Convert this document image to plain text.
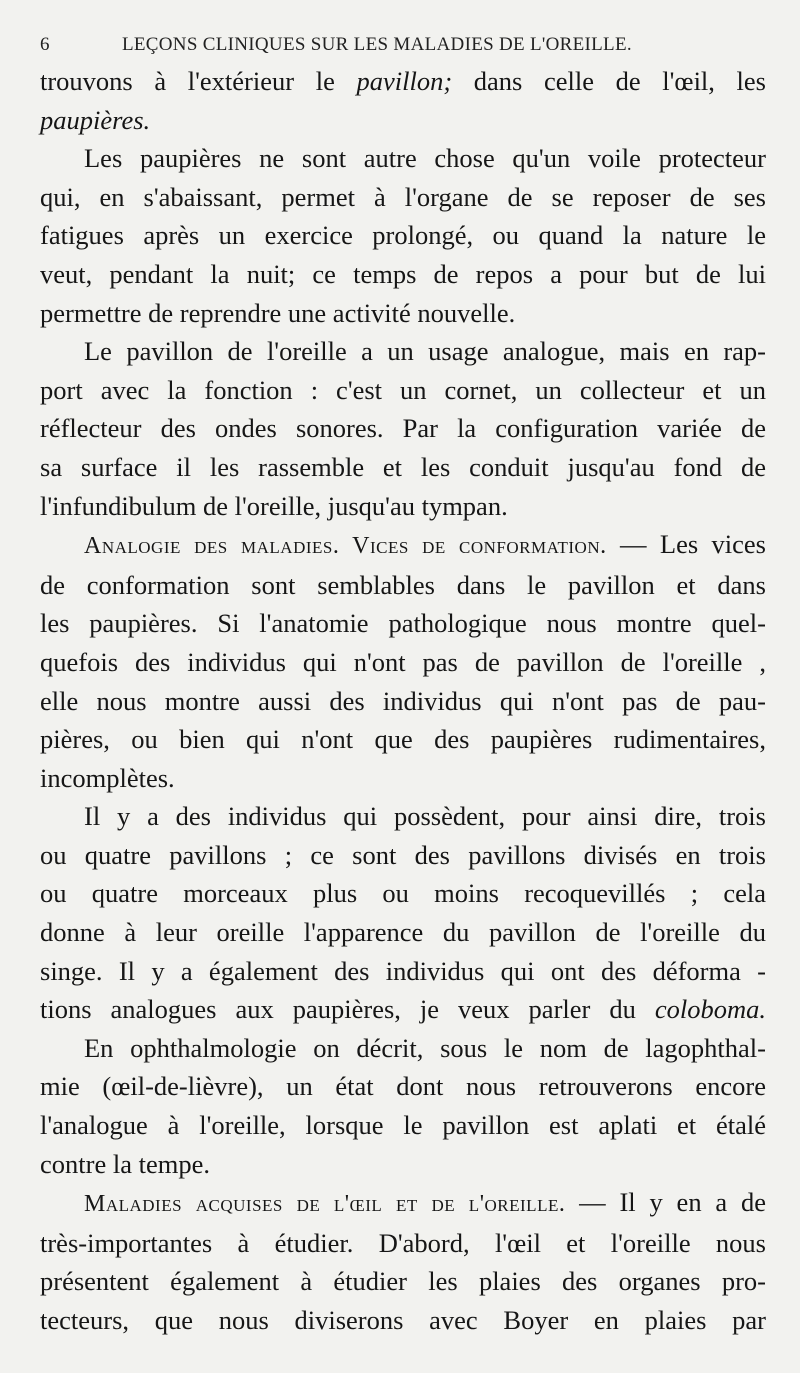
6	LEÇONS CLINIQUES SUR LES MALADIES DE L'OREILLE.
trouvons à l'extérieur le pavillon; dans celle de l'œil, les
paupières.
Les paupières ne sont autre chose qu'un voile protecteur
qui, en s'abaissant, permet à l'organe de se reposer de ses
fatigues après un exercice prolongé, ou quand la nature le
veut, pendant la nuit; ce temps de repos a pour but de lui
permettre de reprendre une activité nouvelle.
Le pavillon de l'oreille a un usage analogue, mais en rap-
port avec la fonction : c'est un cornet, un collecteur et un
réflecteur des ondes sonores. Par la configuration variée de
sa surface il les rassemble et les conduit jusqu'au fond de
l'infundibulum de l'oreille, jusqu'au tympan.
Analogie des maladies. Vices de conformation. — Les vices
de conformation sont semblables dans le pavillon et dans
les paupières. Si l'anatomie pathologique nous montre quel-
quefois des individus qui n'ont pas de pavillon de l'oreille ,
elle nous montre aussi des individus qui n'ont pas de pau-
pières, ou bien qui n'ont que des paupières rudimentaires,
incomplètes.
Il y a des individus qui possèdent, pour ainsi dire, trois
ou quatre pavillons ; ce sont des pavillons divisés en trois
ou quatre morceaux plus ou moins recoquevillés ; cela
donne à leur oreille l'apparence du pavillon de l'oreille du
singe. Il y a également des individus qui ont des déforma -
tions analogues aux paupières, je veux parler du coloboma.
En ophthalmologie on décrit, sous le nom de lagophthal-
mie (œil-de-lièvre), un état dont nous retrouverons encore
l'analogue à l'oreille, lorsque le pavillon est aplati et étalé
contre la tempe.
Maladies acquises de l'œil et de l'oreille. — Il y en a de
très-importantes à étudier. D'abord, l'œil et l'oreille nous
présentent également à étudier les plaies des organes pro-
tecteurs, que nous diviserons avec Boyer en plaies par
